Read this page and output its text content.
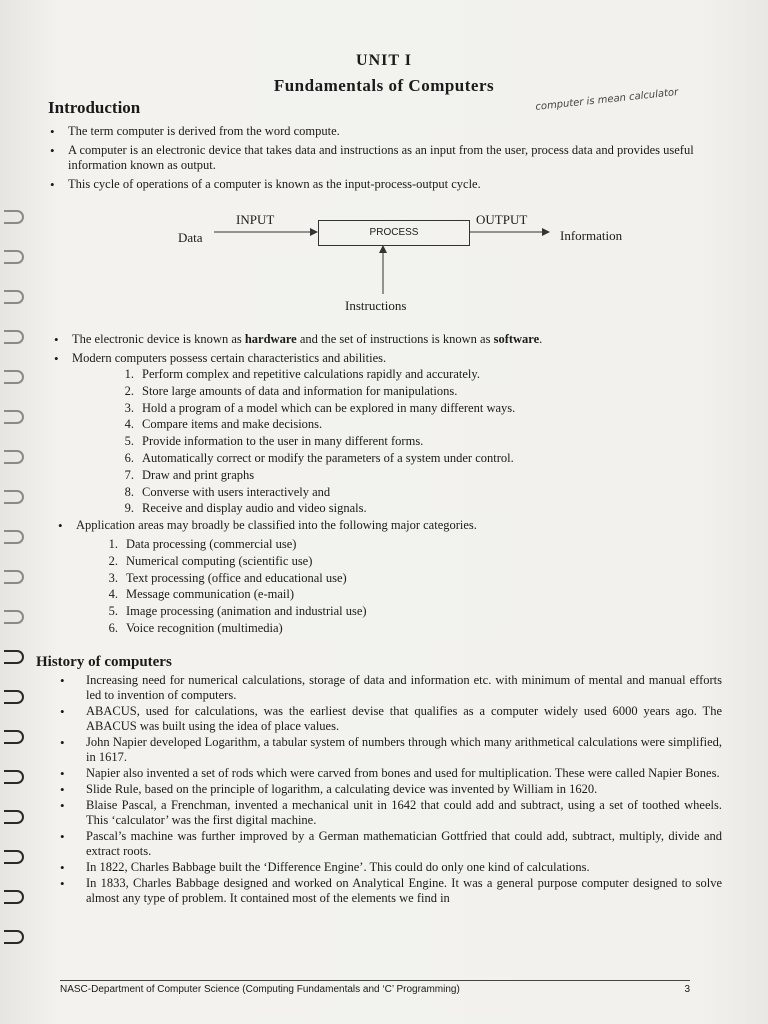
UNIT I
Fundamentals of Computers
Introduction	computer is mean calculator
• The term computer is derived from the word compute.
• A computer is an electronic device that takes data and instructions as an input from the user, process data and provides useful information known as output.
• This cycle of operations of a computer is known as the input-process-output cycle.
INPUT	OUTPUT
Data	PROCESS	Information
Instructions
• The electronic device is known as hardware and the set of instructions is known as software.
• Modern computers possess certain characteristics and abilities.
1. Perform complex and repetitive calculations rapidly and accurately.
2. Store large amounts of data and information for manipulations.
3. Hold a program of a model which can be explored in many different ways.
4. Compare items and make decisions.
5. Provide information to the user in many different forms.
6. Automatically correct or modify the parameters of a system under control.
7. Draw and print graphs
8. Converse with users interactively and
9. Receive and display audio and video signals.
• Application areas may broadly be classified into the following major categories.
1. Data processing (commercial use)
2. Numerical computing (scientific use)
3. Text processing (office and educational use)
4. Message communication (e-mail)
5. Image processing (animation and industrial use)
6. Voice recognition (multimedia)
History of computers
• Increasing need for numerical calculations, storage of data and information etc. with minimum of mental and manual efforts led to invention of computers.
• ABACUS, used for calculations, was the earliest devise that qualifies as a computer widely used 6000 years ago. The ABACUS was built using the idea of place values.
• John Napier developed Logarithm, a tabular system of numbers through which many arithmetical calculations were simplified, in 1617.
• Napier also invented a set of rods which were carved from bones and used for multiplication. These were called Napier Bones.
• Slide Rule, based on the principle of logarithm, a calculating device was invented by William in 1620.
• Blaise Pascal, a Frenchman, invented a mechanical unit in 1642 that could add and subtract, using a set of toothed wheels. This ‘calculator’ was the first digital machine.
• Pascal’s machine was further improved by a German mathematician Gottfried that could add, subtract, multiply, divide and extract roots.
• In 1822, Charles Babbage built the ‘Difference Engine’. This could do only one kind of calculations.
• In 1833, Charles Babbage designed and worked on Analytical Engine. It was a general purpose computer designed to solve almost any type of problem. It contained most of the elements we find in
NASC-Department of Computer Science (Computing Fundamentals and ‘C’ Programming)	3
